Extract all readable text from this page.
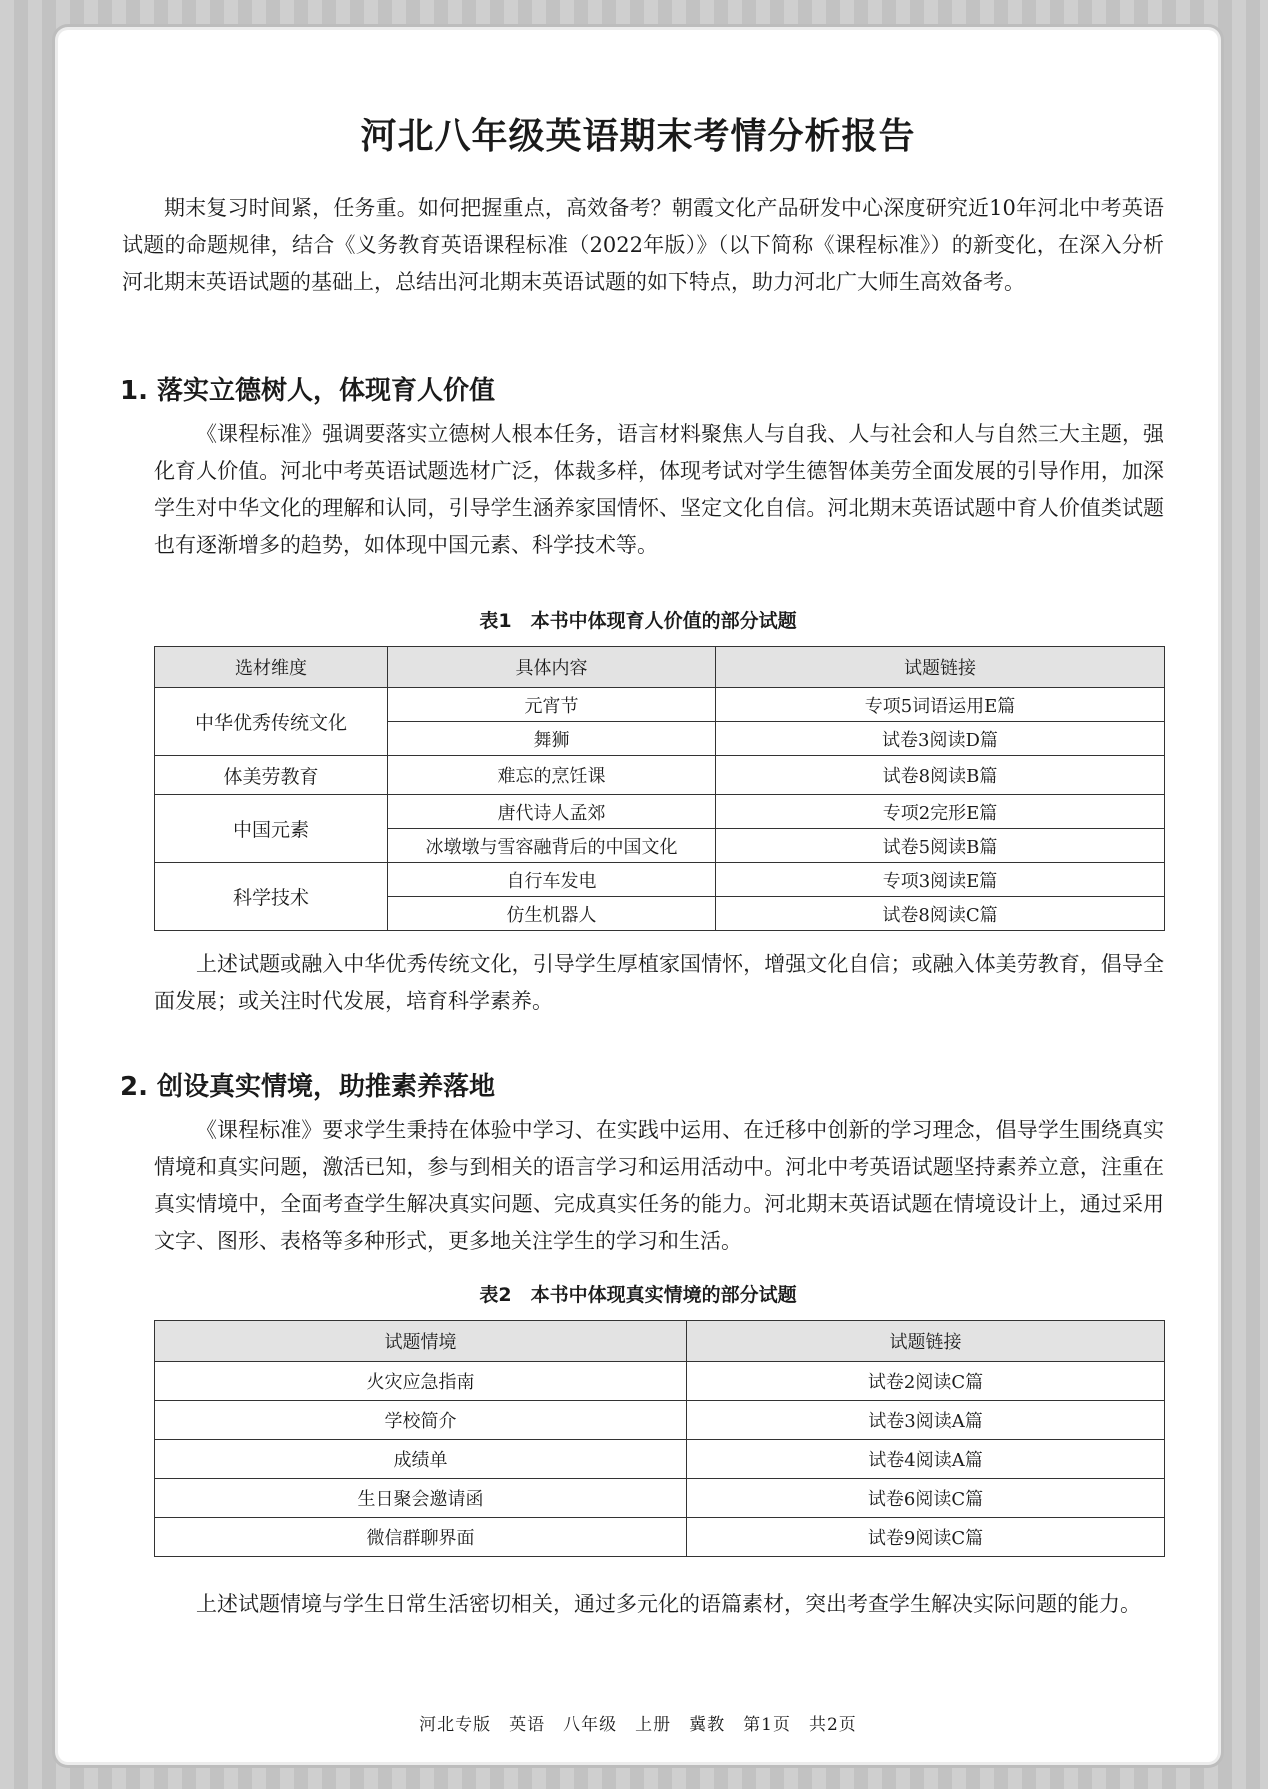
河北八年级英语期末考情分析报告

期末复习时间紧，任务重。如何把握重点，高效备考？朝霞文化产品研发中心深度研究近10年河北中考英语试题的命题规律，结合《义务教育英语课程标准（2022年版）》（以下简称《课程标准》）的新变化，在深入分析河北期末英语试题的基础上，总结出河北期末英语试题的如下特点，助力河北广大师生高效备考。

1. 落实立德树人，体现育人价值

《课程标准》强调要落实立德树人根本任务，语言材料聚焦人与自我、人与社会和人与自然三大主题，强化育人价值。河北中考英语试题选材广泛，体裁多样，体现考试对学生德智体美劳全面发展的引导作用，加深学生对中华文化的理解和认同，引导学生涵养家国情怀、坚定文化自信。河北期末英语试题中育人价值类试题也有逐渐增多的趋势，如体现中国元素、科学技术等。

表1　本书中体现育人价值的部分试题
选材维度	具体内容	试题链接
中华优秀传统文化	元宵节	专项5词语运用E篇
	舞狮	试卷3阅读D篇
体美劳教育	难忘的烹饪课	试卷8阅读B篇
中国元素	唐代诗人孟郊	专项2完形E篇
	冰墩墩与雪容融背后的中国文化	试卷5阅读B篇
科学技术	自行车发电	专项3阅读E篇
	仿生机器人	试卷8阅读C篇

上述试题或融入中华优秀传统文化，引导学生厚植家国情怀，增强文化自信；或融入体美劳教育，倡导全面发展；或关注时代发展，培育科学素养。

2. 创设真实情境，助推素养落地

《课程标准》要求学生秉持在体验中学习、在实践中运用、在迁移中创新的学习理念，倡导学生围绕真实情境和真实问题，激活已知，参与到相关的语言学习和运用活动中。河北中考英语试题坚持素养立意，注重在真实情境中，全面考查学生解决真实问题、完成真实任务的能力。河北期末英语试题在情境设计上，通过采用文字、图形、表格等多种形式，更多地关注学生的学习和生活。

表2　本书中体现真实情境的部分试题
试题情境	试题链接
火灾应急指南	试卷2阅读C篇
学校简介	试卷3阅读A篇
成绩单	试卷4阅读A篇
生日聚会邀请函	试卷6阅读C篇
微信群聊界面	试卷9阅读C篇

上述试题情境与学生日常生活密切相关，通过多元化的语篇素材，突出考查学生解决实际问题的能力。

河北专版　英语　八年级　上册　冀教　第1页　共2页
